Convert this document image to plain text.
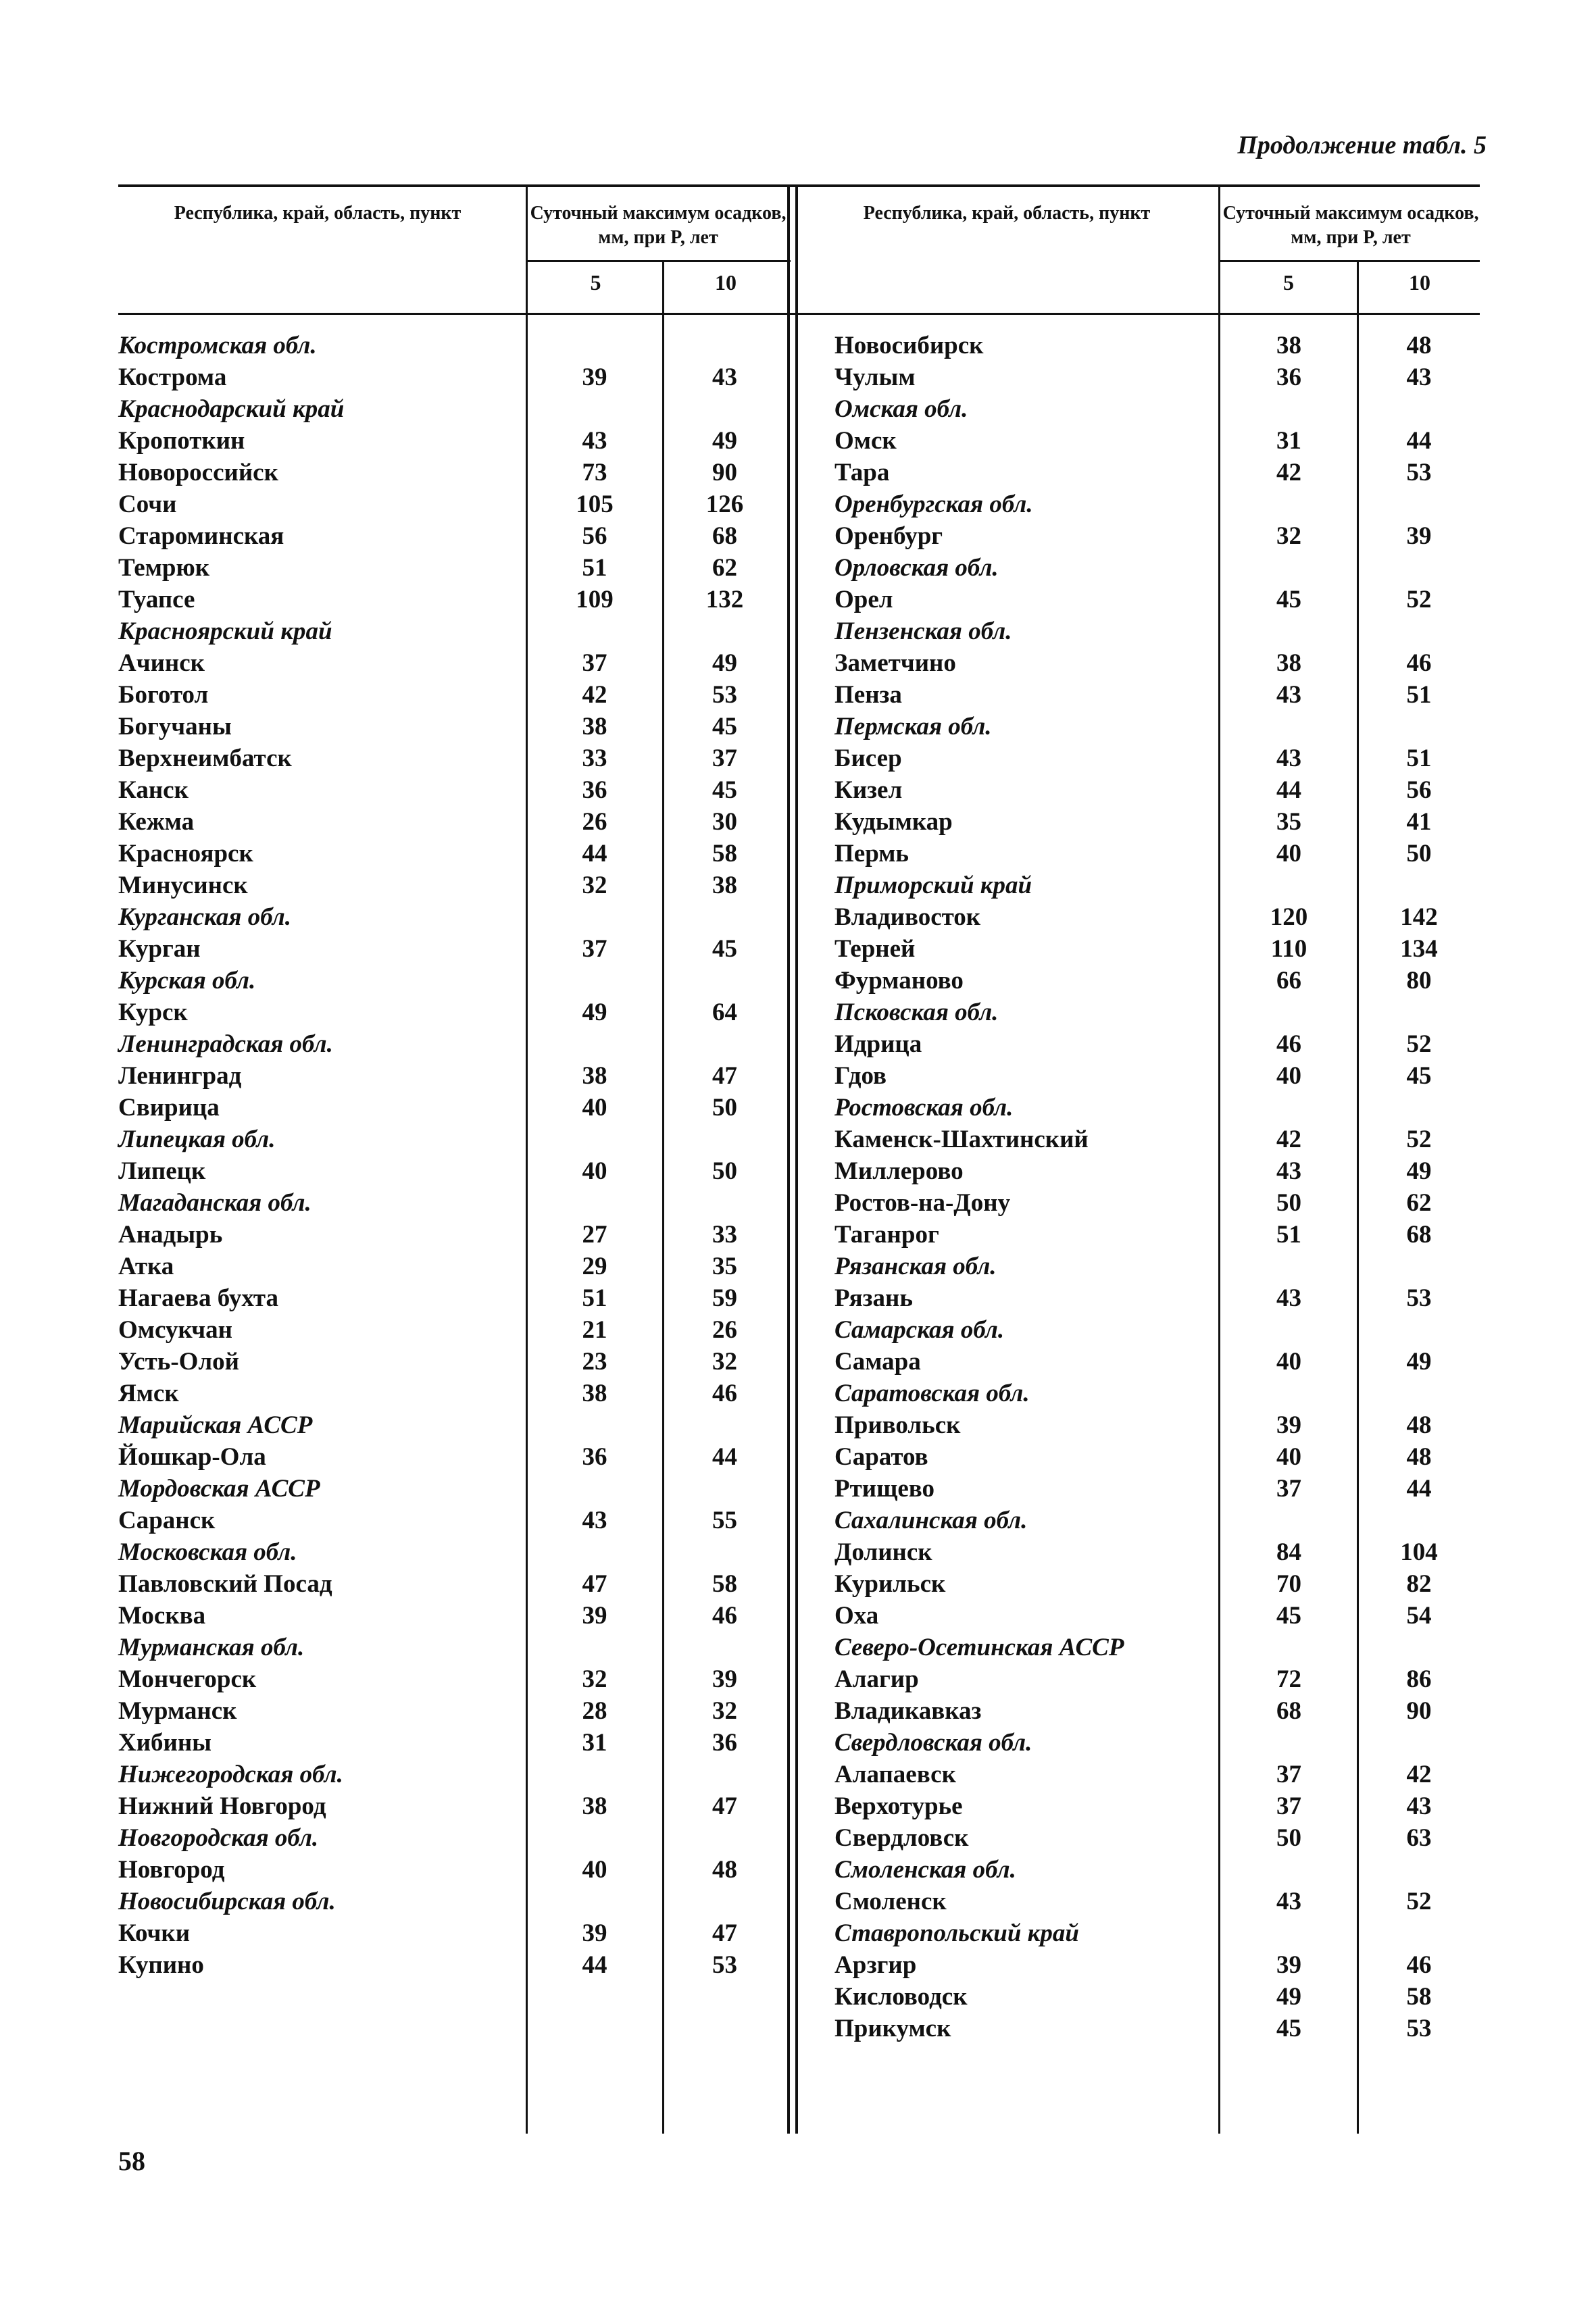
Продолжение табл. 5
Республика, край, область, пункт	Суточный максимум осадков, мм, при P, лет
5	10
Республика, край, область, пункт	Суточный максимум осадков, мм, при P, лет
5	10
Костромская обл.
Кострома	39	43
Краснодарский край
Кропоткин	43	49
Новороссийск	73	90
Сочи	105	126
Староминская	56	68
Темрюк	51	62
Туапсе	109	132
Красноярский край
Ачинск	37	49
Боготол	42	53
Богучаны	38	45
Верхнеимбатск	33	37
Канск	36	45
Кежма	26	30
Красноярск	44	58
Минусинск	32	38
Курганская обл.
Курган	37	45
Курская обл.
Курск	49	64
Ленинградская обл.
Ленинград	38	47
Свирица	40	50
Липецкая обл.
Липецк	40	50
Магаданская обл.
Анадырь	27	33
Атка	29	35
Нагаева бухта	51	59
Омсукчан	21	26
Усть-Олой	23	32
Ямск	38	46
Марийская АССР
Йошкар-Ола	36	44
Мордовская АССР
Саранск	43	55
Московская обл.
Павловский Посад	47	58
Москва	39	46
Мурманская обл.
Мончегорск	32	39
Мурманск	28	32
Хибины	31	36
Нижегородская обл.
Нижний Новгород	38	47
Новгородская обл.
Новгород	40	48
Новосибирская обл.
Кочки	39	47
Купино	44	53
Новосибирск	38	48
Чулым	36	43
Омская обл.
Омск	31	44
Тара	42	53
Оренбургская обл.
Оренбург	32	39
Орловская обл.
Орел	45	52
Пензенская обл.
Заметчино	38	46
Пенза	43	51
Пермская обл.
Бисер	43	51
Кизел	44	56
Кудымкар	35	41
Пермь	40	50
Приморский край
Владивосток	120	142
Терней	110	134
Фурманово	66	80
Псковская обл.
Идрица	46	52
Гдов	40	45
Ростовская обл.
Каменск-Шахтинский	42	52
Миллерово	43	49
Ростов-на-Дону	50	62
Таганрог	51	68
Рязанская обл.
Рязань	43	53
Самарская обл.
Самара	40	49
Саратовская обл.
Привольск	39	48
Саратов	40	48
Ртищево	37	44
Сахалинская обл.
Долинск	84	104
Курильск	70	82
Оха	45	54
Северо-Осетинская АССР
Алагир	72	86
Владикавказ	68	90
Свердловская обл.
Алапаевск	37	42
Верхотурье	37	43
Свердловск	50	63
Смоленская обл.
Смоленск	43	52
Ставропольский край
Арзгир	39	46
Кисловодск	49	58
Прикумск	45	53
58
